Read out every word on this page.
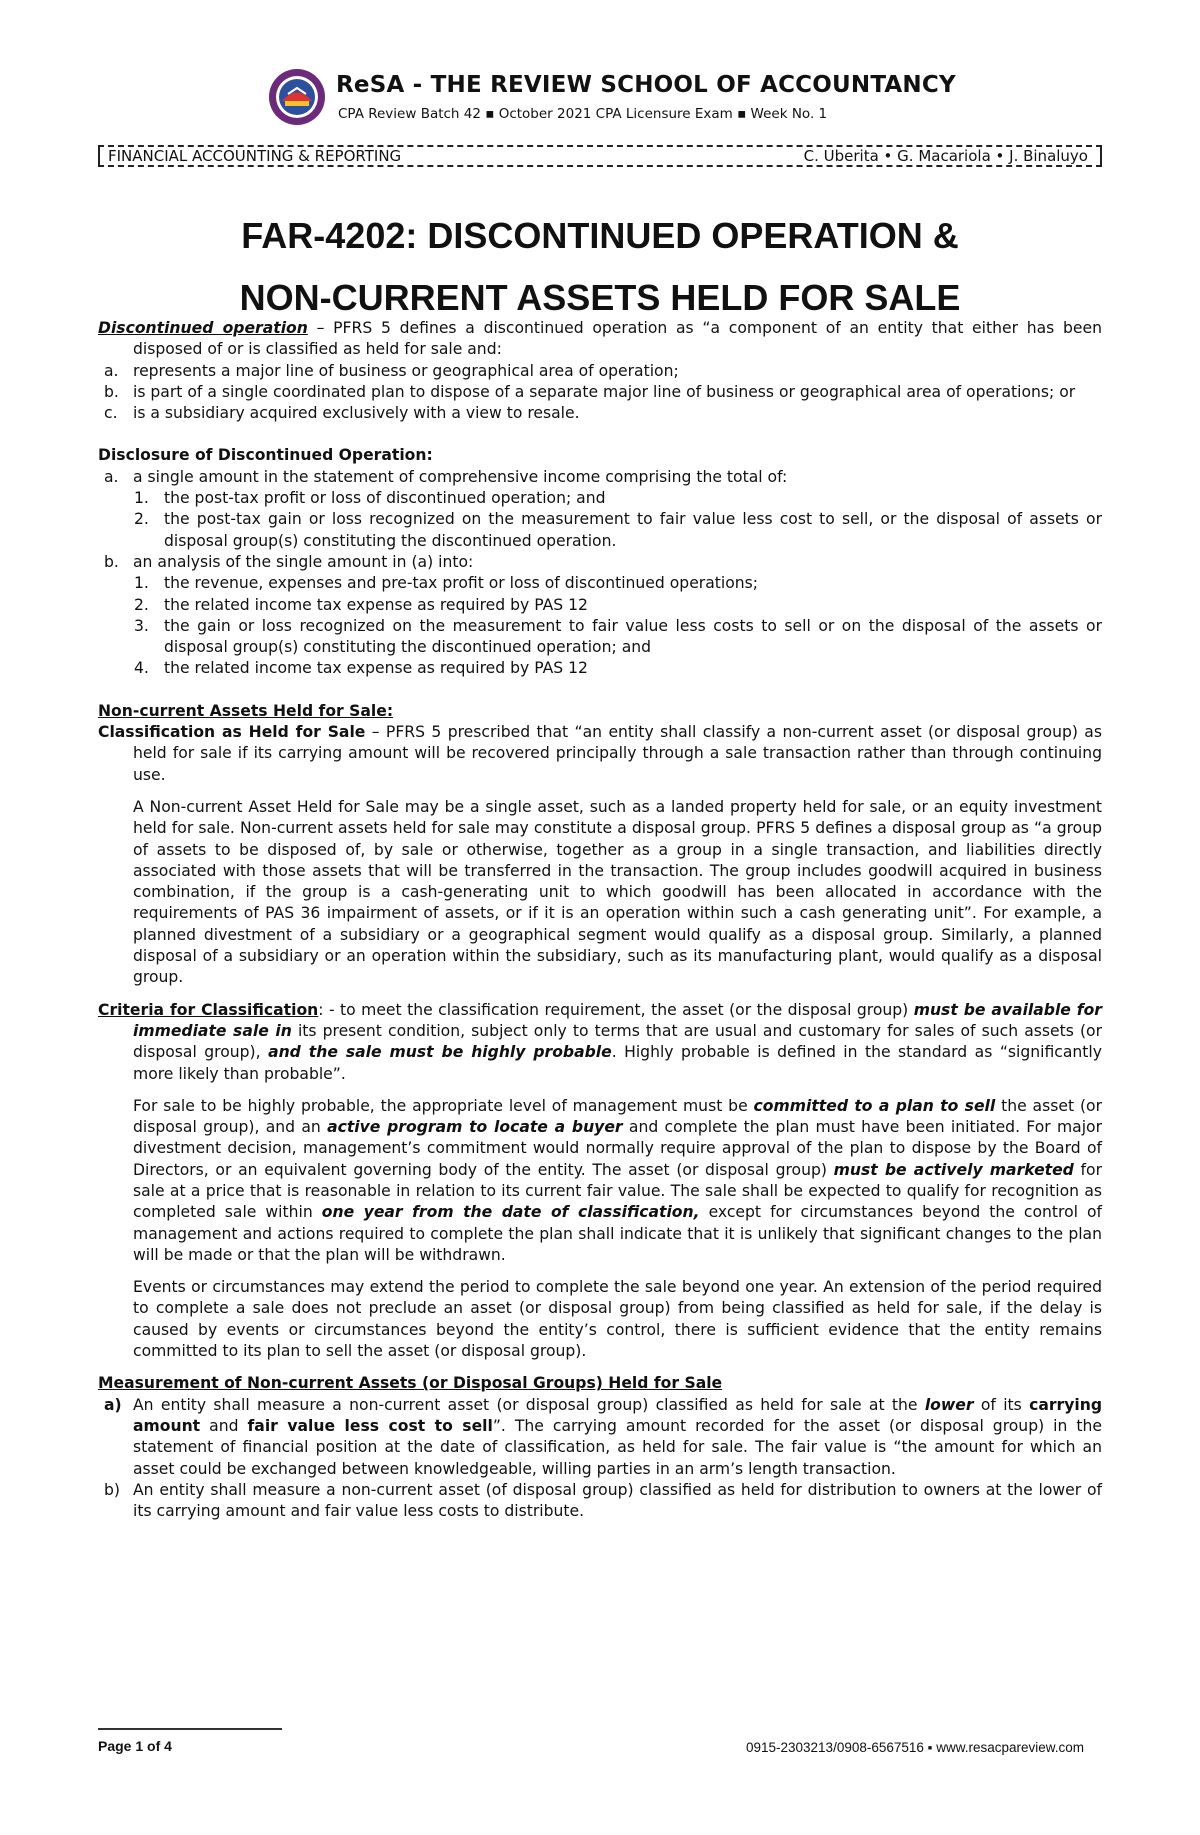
ReSA - THE REVIEW SCHOOL OF ACCOUNTANCY
CPA Review Batch 42 ▪ October 2021 CPA Licensure Exam ▪ Week No. 1
FINANCIAL ACCOUNTING & REPORTING	C. Uberita • G. Macariola • J. Binaluyo
FAR-4202: DISCONTINUED OPERATION &
NON-CURRENT ASSETS HELD FOR SALE

Discontinued operation – PFRS 5 defines a discontinued operation as “a component of an entity that either has been disposed of or is classified as held for sale and:

a. represents a major line of business or geographical area of operation;
b. is part of a single coordinated plan to dispose of a separate major line of business or geographical area of operations; or
c. is a subsidiary acquired exclusively with a view to resale.

Disclosure of Discontinued Operation:

a. a single amount in the statement of comprehensive income comprising the total of:
1. the post-tax profit or loss of discontinued operation; and
2. the post-tax gain or loss recognized on the measurement to fair value less cost to sell, or the disposal of assets or disposal group(s) constituting the discontinued operation.
b. an analysis of the single amount in (a) into:
1. the revenue, expenses and pre-tax profit or loss of discontinued operations;
2. the related income tax expense as required by PAS 12
3. the gain or loss recognized on the measurement to fair value less costs to sell or on the disposal of the assets or disposal group(s) constituting the discontinued operation; and
4. the related income tax expense as required by PAS 12

Non-current Assets Held for Sale:

Classification as Held for Sale – PFRS 5 prescribed that “an entity shall classify a non-current asset (or disposal group) as held for sale if its carrying amount will be recovered principally through a sale transaction rather than through continuing use.

A Non-current Asset Held for Sale may be a single asset, such as a landed property held for sale, or an equity investment held for sale. Non-current assets held for sale may constitute a disposal group. PFRS 5 defines a disposal group as “a group of assets to be disposed of, by sale or otherwise, together as a group in a single transaction, and liabilities directly associated with those assets that will be transferred in the transaction. The group includes goodwill acquired in business combination, if the group is a cash-generating unit to which goodwill has been allocated in accordance with the requirements of PAS 36 impairment of assets, or if it is an operation within such a cash generating unit”. For example, a planned divestment of a subsidiary or a geographical segment would qualify as a disposal group. Similarly, a planned disposal of a subsidiary or an operation within the subsidiary, such as its manufacturing plant, would qualify as a disposal group.

Criteria for Classification: - to meet the classification requirement, the asset (or the disposal group) must be available for immediate sale in its present condition, subject only to terms that are usual and customary for sales of such assets (or disposal group), and the sale must be highly probable. Highly probable is defined in the standard as “significantly more likely than probable”.

For sale to be highly probable, the appropriate level of management must be committed to a plan to sell the asset (or disposal group), and an active program to locate a buyer and complete the plan must have been initiated. For major divestment decision, management’s commitment would normally require approval of the plan to dispose by the Board of Directors, or an equivalent governing body of the entity. The asset (or disposal group) must be actively marketed for sale at a price that is reasonable in relation to its current fair value. The sale shall be expected to qualify for recognition as completed sale within one year from the date of classification, except for circumstances beyond the control of management and actions required to complete the plan shall indicate that it is unlikely that significant changes to the plan will be made or that the plan will be withdrawn.

Events or circumstances may extend the period to complete the sale beyond one year. An extension of the period required to complete a sale does not preclude an asset (or disposal group) from being classified as held for sale, if the delay is caused by events or circumstances beyond the entity’s control, there is sufficient evidence that the entity remains committed to its plan to sell the asset (or disposal group).

Measurement of Non-current Assets (or Disposal Groups) Held for Sale

a) An entity shall measure a non-current asset (or disposal group) classified as held for sale at the lower of its carrying amount and fair value less cost to sell”. The carrying amount recorded for the asset (or disposal group) in the statement of financial position at the date of classification, as held for sale. The fair value is “the amount for which an asset could be exchanged between knowledgeable, willing parties in an arm’s length transaction.
b) An entity shall measure a non-current asset (of disposal group) classified as held for distribution to owners at the lower of its carrying amount and fair value less costs to distribute.
Page 1 of 4	0915-2303213/0908-6567516 ▪ www.resacpareview.com
